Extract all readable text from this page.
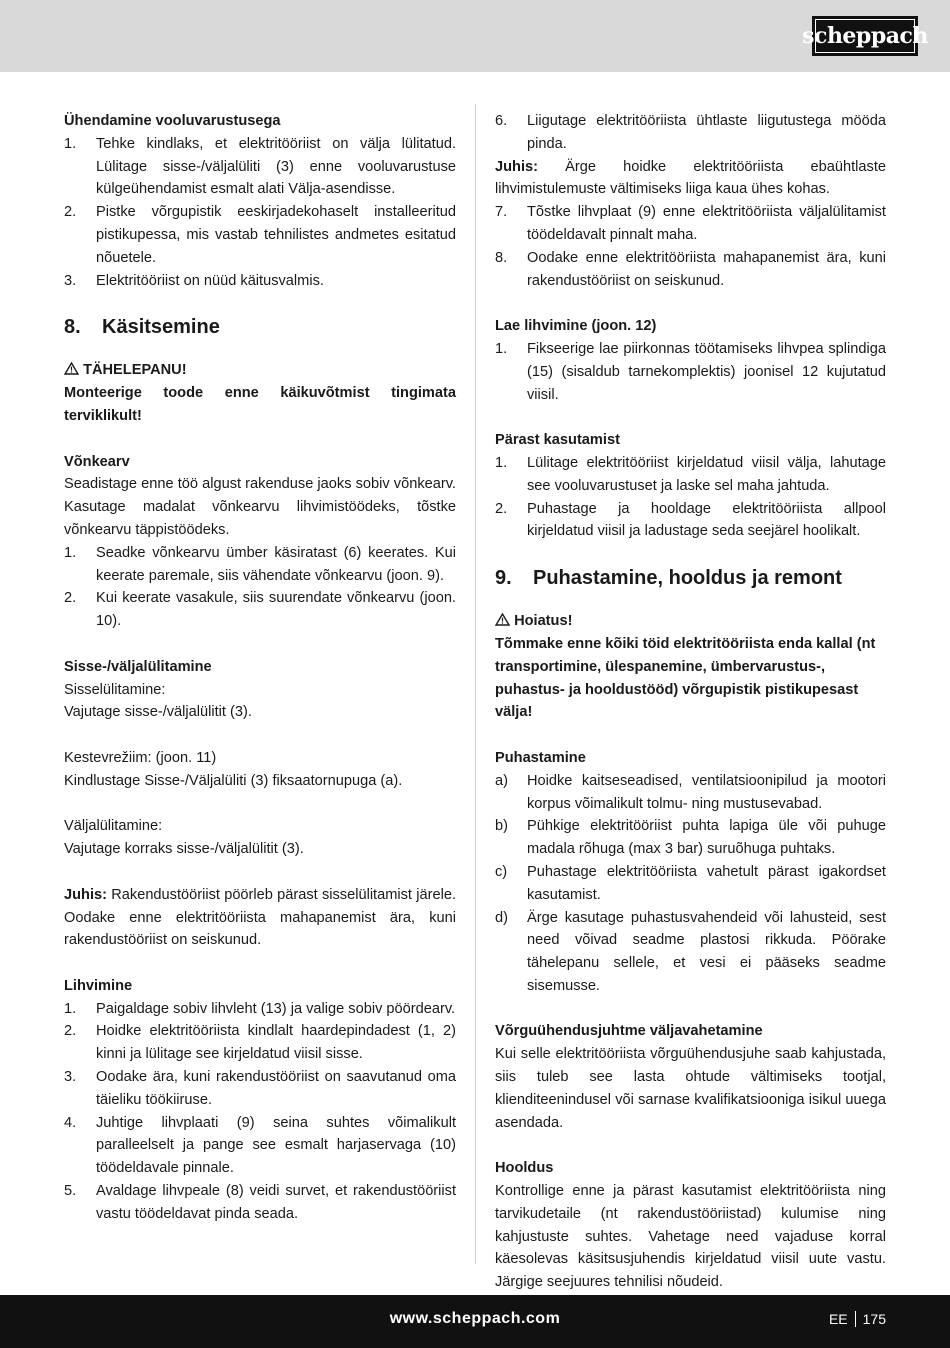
scheppach
Ühendamine vooluvarustusega
1.	Tehke kindlaks, et elektritööriist on välja lülitatud. Lülitage sisse-/väljalüliti (3) enne vooluvarustuse külgeühendamist esmalt alati Välja-asendisse.
2.	Pistke võrgupistik eeskirjadekohaselt installeeritud pistikupessa, mis vastab tehnilistes andmetes esitatud nõuetele.
3.	Elektritööriist on nüüd käitusvalmis.
8. Käsitsemine
TÄHELEPANU!
Monteerige toode enne käikuvõtmist tingimata terviklikult!
Võnkearv
Seadistage enne töö algust rakenduse jaoks sobiv võnkearv. Kasutage madalat võnkearvu lihvimistöödeks, tõstke võnkearvu täppistöödeks.
1.	Seadke võnkearvu ümber käsiratast (6) keerates. Kui keerate paremale, siis vähendate võnkearvu (joon. 9).
2.	Kui keerate vasakule, siis suurendate võnkearvu (joon. 10).
Sisse-/väljalülitamine
Sisselülitamine:
Vajutage sisse-/väljalülitit (3).
Kestevrežiim: (joon. 11)
Kindlustage Sisse-/Väljalüliti (3) fiksaatornupuga (a).
Väljalülitamine:
Vajutage korraks sisse-/väljalülitit (3).
Juhis: Rakendustööriist pöörleb pärast sisselülitamist järele. Oodake enne elektritööriista mahapanemist ära, kuni rakendustööriist on seiskunud.
Lihvimine
1.	Paigaldage sobiv lihvleht (13) ja valige sobiv pöördearv.
2.	Hoidke elektritööriista kindlalt haardepindadest (1, 2) kinni ja lülitage see kirjeldatud viisil sisse.
3.	Oodake ära, kuni rakendustööriist on saavutanud oma täieliku töökiiruse.
4.	Juhtige lihvplaati (9) seina suhtes võimalikult paralleelselt ja pange see esmalt harjaservaga (10) töödeldavale pinnale.
5.	Avaldage lihvpeale (8) veidi survet, et rakendustööriist vastu töödeldavat pinda seada.
6.	Liigutage elektritööriista ühtlaste liigutustega mööda pinda.
Juhis: Ärge hoidke elektritööriista ebaühtlaste lihvimistulemuste vältimiseks liiga kaua ühes kohas.
7.	Tõstke lihvplaat (9) enne elektritööriista väljalülitamist töödeldavalt pinnalt maha.
8.	Oodake enne elektritööriista mahapanemist ära, kuni rakendustööriist on seiskunud.
Lae lihvimine (joon. 12)
1.	Fikseerige lae piirkonnas töötamiseks lihvpea splindiga (15) (sisaldub tarnekomplektis) joonisel 12 kujutatud viisil.
Pärast kasutamist
1.	Lülitage elektritööriist kirjeldatud viisil välja, lahutage see vooluvarustuset ja laske sel maha jahtuda.
2.	Puhastage ja hooldage elektritööriista allpool kirjeldatud viisil ja ladustage seda seejärel hoolikalt.
9. Puhastamine, hooldus ja remont
Hoiatus!
Tõmmake enne kõiki töid elektritööriista enda kallal (nt transportimine, ülespanemine, ümbervarustus-, puhastus- ja hooldustööd) võrgupistik pistikupesast välja!
Puhastamine
a)	Hoidke kaitseseadised, ventilatsioonipilud ja mootori korpus võimalikult tolmu- ning mustusevabad.
b)	Pühkige elektritööriist puhta lapiga üle või puhuge madala rõhuga (max 3 bar) suruõhuga puhtaks.
c)	Puhastage elektritööriista vahetult pärast igakordset kasutamist.
d)	Ärge kasutage puhastusvahendeid või lahusteid, sest need võivad seadme plastosi rikkuda. Pöörake tähelepanu sellele, et vesi ei pääseks seadme sisemusse.
Võrguühendusjuhtme väljavahetamine
Kui selle elektritööriista võrguühendusjuhe saab kahjustada, siis tuleb see lasta ohtude vältimiseks tootjal, klienditeenindusel või sarnase kvalifikatsiooniga isikul uuega asendada.
Hooldus
Kontrollige enne ja pärast kasutamist elektritööriista ning tarvikudetaile (nt rakendustööriistad) kulumise ning kahjustuste suhtes. Vahetage need vajaduse korral käesolevas käsitsusjuhendis kirjeldatud viisil uute vastu. Järgige seejuures tehnilisi nõudeid.
www.scheppach.com	EE 175
